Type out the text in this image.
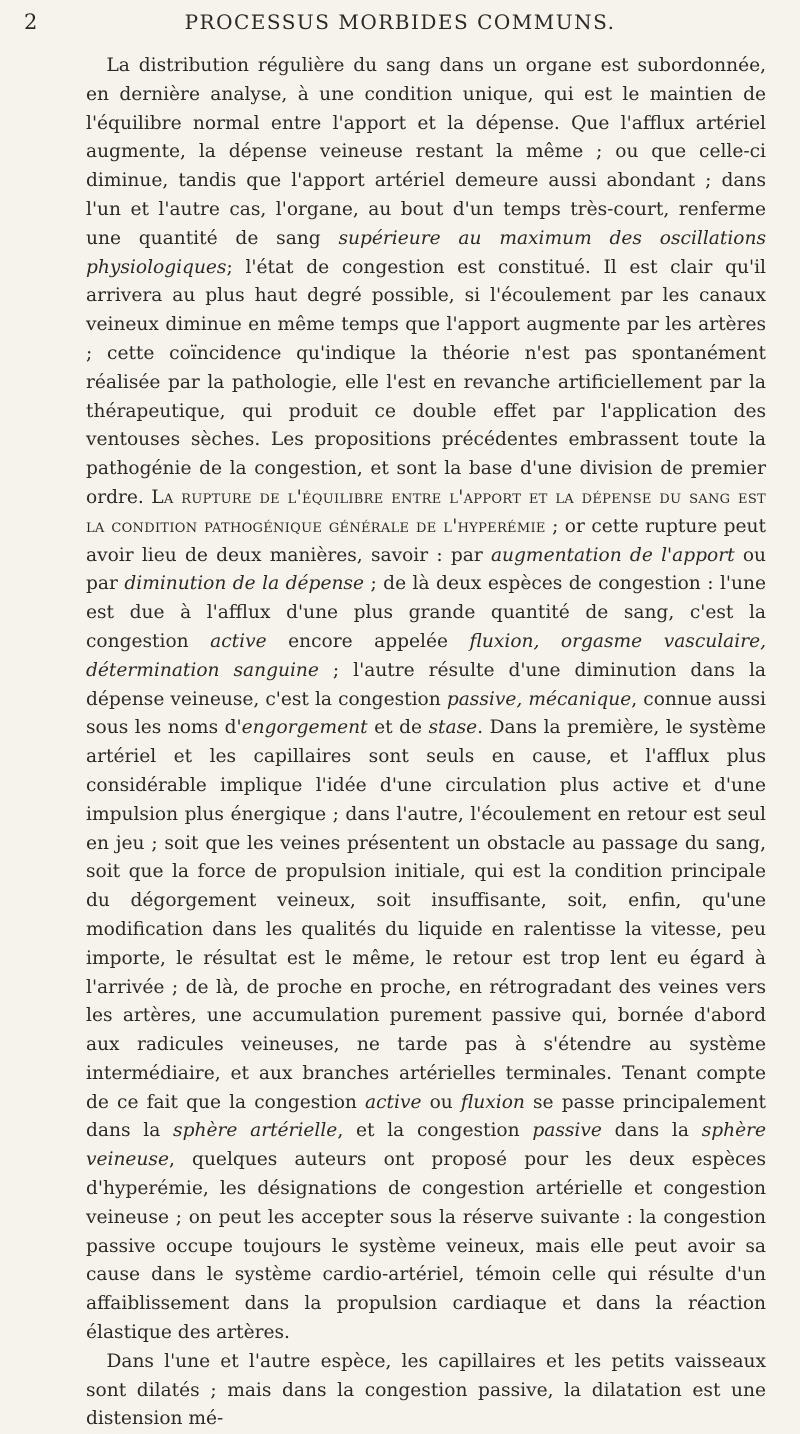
2	PROCESSUS MORBIDES COMMUNS.

La distribution régulière du sang dans un organe est subordonnée, en dernière analyse, à une condition unique, qui est le maintien de l'équilibre normal entre l'apport et la dépense. Que l'afflux artériel augmente, la dépense veineuse restant la même ; ou que celle-ci diminue, tandis que l'apport artériel demeure aussi abondant ; dans l'un et l'autre cas, l'organe, au bout d'un temps très-court, renferme une quantité de sang supérieure au maximum des oscillations physiologiques; l'état de congestion est constitué. Il est clair qu'il arrivera au plus haut degré possible, si l'écoulement par les canaux veineux diminue en même temps que l'apport augmente par les artères ; cette coïncidence qu'indique la théorie n'est pas spontanément réalisée par la pathologie, elle l'est en revanche artificiellement par la thérapeutique, qui produit ce double effet par l'application des ventouses sèches. Les propositions précédentes embrassent toute la pathogénie de la congestion, et sont la base d'une division de premier ordre. La rupture de l'équilibre entre l'apport et la dépense du sang est la condition pathogénique générale de l'hyperémie ; or cette rupture peut avoir lieu de deux manières, savoir : par augmentation de l'apport ou par diminution de la dépense ; de là deux espèces de congestion : l'une est due à l'afflux d'une plus grande quantité de sang, c'est la congestion active encore appelée fluxion, orgasme vasculaire, détermination sanguine ; l'autre résulte d'une diminution dans la dépense veineuse, c'est la congestion passive, mécanique, connue aussi sous les noms d'engorgement et de stase. Dans la première, le système artériel et les capillaires sont seuls en cause, et l'afflux plus considérable implique l'idée d'une circulation plus active et d'une impulsion plus énergique ; dans l'autre, l'écoulement en retour est seul en jeu ; soit que les veines présentent un obstacle au passage du sang, soit que la force de propulsion initiale, qui est la condition principale du dégorgement veineux, soit insuffisante, soit, enfin, qu'une modification dans les qualités du liquide en ralentisse la vitesse, peu importe, le résultat est le même, le retour est trop lent eu égard à l'arrivée ; de là, de proche en proche, en rétrogradant des veines vers les artères, une accumulation purement passive qui, bornée d'abord aux radicules veineuses, ne tarde pas à s'étendre au système intermédiaire, et aux branches artérielles terminales. Tenant compte de ce fait que la congestion active ou fluxion se passe principalement dans la sphère artérielle, et la congestion passive dans la sphère veineuse, quelques auteurs ont proposé pour les deux espèces d'hyperémie, les désignations de congestion artérielle et congestion veineuse ; on peut les accepter sous la réserve suivante : la congestion passive occupe toujours le système veineux, mais elle peut avoir sa cause dans le système cardio-artériel, témoin celle qui résulte d'un affaiblissement dans la propulsion cardiaque et dans la réaction élastique des artères.

Dans l'une et l'autre espèce, les capillaires et les petits vaisseaux sont dilatés ; mais dans la congestion passive, la dilatation est une distension mé-
